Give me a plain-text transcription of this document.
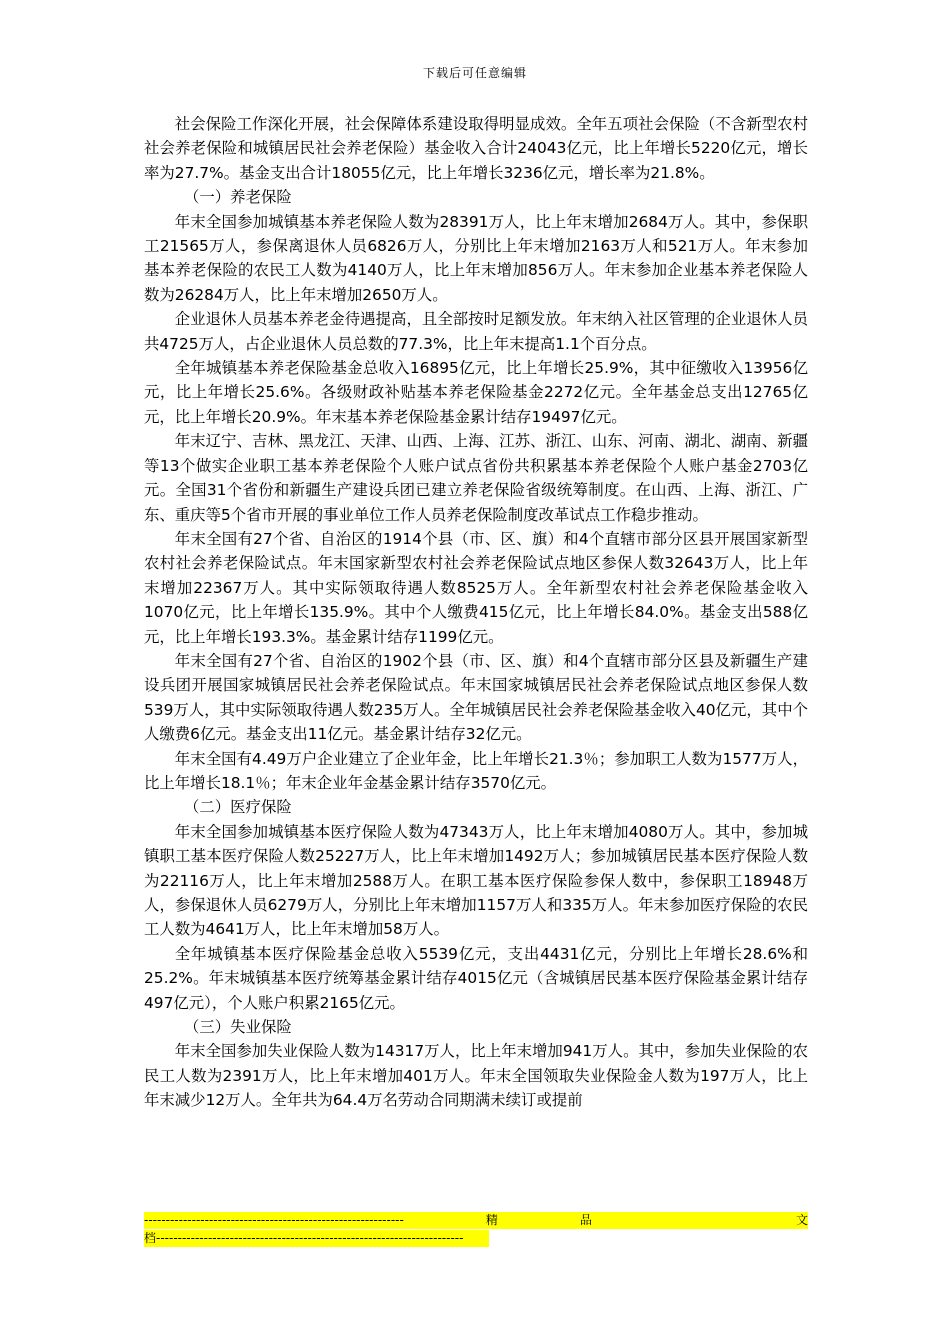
下载后可任意编辑

社会保险工作深化开展，社会保障体系建设取得明显成效。全年五项社会保险（不含新型农村社会养老保险和城镇居民社会养老保险）基金收入合计24043亿元，比上年增长5220亿元，增长率为27.7%。基金支出合计18055亿元，比上年增长3236亿元，增长率为21.8%。

（一）养老保险

年末全国参加城镇基本养老保险人数为28391万人，比上年末增加2684万人。其中，参保职工21565万人，参保离退休人员6826万人，分别比上年末增加2163万人和521万人。年末参加基本养老保险的农民工人数为4140万人，比上年末增加856万人。年末参加企业基本养老保险人数为26284万人，比上年末增加2650万人。

企业退休人员基本养老金待遇提高，且全部按时足额发放。年末纳入社区管理的企业退休人员共4725万人，占企业退休人员总数的77.3%，比上年末提高1.1个百分点。

全年城镇基本养老保险基金总收入16895亿元，比上年增长25.9%，其中征缴收入13956亿元，比上年增长25.6%。各级财政补贴基本养老保险基金2272亿元。全年基金总支出12765亿元，比上年增长20.9%。年末基本养老保险基金累计结存19497亿元。

年末辽宁、吉林、黑龙江、天津、山西、上海、江苏、浙江、山东、河南、湖北、湖南、新疆等13个做实企业职工基本养老保险个人账户试点省份共积累基本养老保险个人账户基金2703亿元。全国31个省份和新疆生产建设兵团已建立养老保险省级统筹制度。在山西、上海、浙江、广东、重庆等5个省市开展的事业单位工作人员养老保险制度改革试点工作稳步推动。

年末全国有27个省、自治区的1914个县（市、区、旗）和4个直辖市部分区县开展国家新型农村社会养老保险试点。年末国家新型农村社会养老保险试点地区参保人数32643万人，比上年末增加22367万人。其中实际领取待遇人数8525万人。全年新型农村社会养老保险基金收入1070亿元，比上年增长135.9%。其中个人缴费415亿元，比上年增长84.0%。基金支出588亿元，比上年增长193.3%。基金累计结存1199亿元。

年末全国有27个省、自治区的1902个县（市、区、旗）和4个直辖市部分区县及新疆生产建设兵团开展国家城镇居民社会养老保险试点。年末国家城镇居民社会养老保险试点地区参保人数539万人，其中实际领取待遇人数235万人。全年城镇居民社会养老保险基金收入40亿元，其中个人缴费6亿元。基金支出11亿元。基金累计结存32亿元。

年末全国有4.49万户企业建立了企业年金，比上年增长21.3％；参加职工人数为1577万人，比上年增长18.1％；年末企业年金基金累计结存3570亿元。

（二）医疗保险

年末全国参加城镇基本医疗保险人数为47343万人，比上年末增加4080万人。其中，参加城镇职工基本医疗保险人数25227万人，比上年末增加1492万人；参加城镇居民基本医疗保险人数为22116万人，比上年末增加2588万人。在职工基本医疗保险参保人数中，参保职工18948万人，参保退休人员6279万人，分别比上年末增加1157万人和335万人。年末参加医疗保险的农民工人数为4641万人，比上年末增加58万人。

全年城镇基本医疗保险基金总收入5539亿元，支出4431亿元，分别比上年增长28.6%和25.2%。年末城镇基本医疗统筹基金累计结存4015亿元（含城镇居民基本医疗保险基金累计结存497亿元），个人账户积累2165亿元。

（三）失业保险

年末全国参加失业保险人数为14317万人，比上年末增加941万人。其中，参加失业保险的农民工人数为2391万人，比上年末增加401万人。年末全国领取失业保险金人数为197万人，比上年末减少12万人。全年共为64.4万名劳动合同期满未续订或提前

------------------------------------------------------------	精	品	文
档-----------------------------------------------------------------------
